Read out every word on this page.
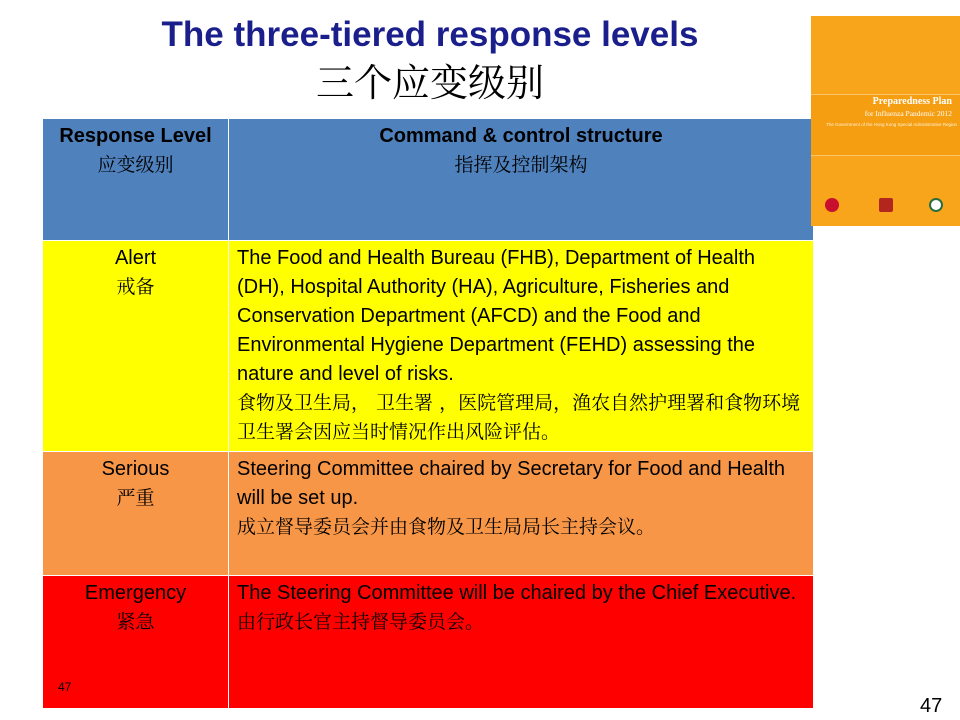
The three-tiered response levels
三个应变级别
Response Level
应变级别	Command & control structure
指挥及控制架构

Alert
戒备	The Food and Health Bureau (FHB), Department of Health (DH), Hospital Authority (HA), Agriculture, Fisheries and Conservation Department (AFCD) and the Food and Environmental Hygiene Department (FEHD) assessing the nature and level of risks.
食物及卫生局， 卫生署 ，医院管理局，渔农自然护理署和食物环境卫生署会因应当时情况作出风险评估。

Serious
严重	Steering Committee chaired by Secretary for Food and Health will be set up.
成立督导委员会并由食物及卫生局局长主持会议。

Emergency
紧急	The Steering Committee will be chaired by the Chief Executive.
由行政长官主持督导委员会。
Preparedness Plan
for Influenza Pandemic 2012
The Government of the Hong Kong Special Administrative Region
47
47
